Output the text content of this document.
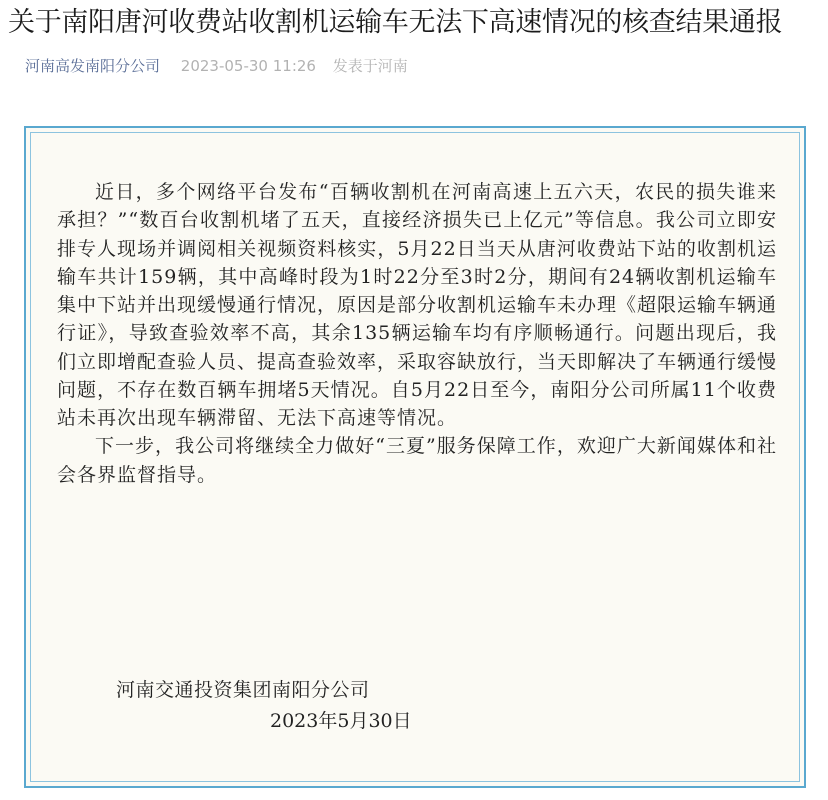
关于南阳唐河收费站收割机运输车无法下高速情况的核查结果通报
河南高发南阳分公司 2023-05-30 11:26 发表于河南

近日，多个网络平台发布“百辆收割机在河南高速上五六天，农民的损失谁来承担？”“数百台收割机堵了五天，直接经济损失已上亿元”等信息。我公司立即安排专人现场并调阅相关视频资料核实，5月22日当天从唐河收费站下站的收割机运输车共计159辆，其中高峰时段为1时22分至3时2分，期间有24辆收割机运输车集中下站并出现缓慢通行情况，原因是部分收割机运输车未办理《超限运输车辆通行证》，导致查验效率不高，其余135辆运输车均有序顺畅通行。问题出现后，我们立即增配查验人员、提高查验效率，采取容缺放行，当天即解决了车辆通行缓慢问题，不存在数百辆车拥堵5天情况。自5月22日至今，南阳分公司所属11个收费站未再次出现车辆滞留、无法下高速等情况。

下一步，我公司将继续全力做好“三夏”服务保障工作，欢迎广大新闻媒体和社会各界监督指导。

河南交通投资集团南阳分公司
2023年5月30日
